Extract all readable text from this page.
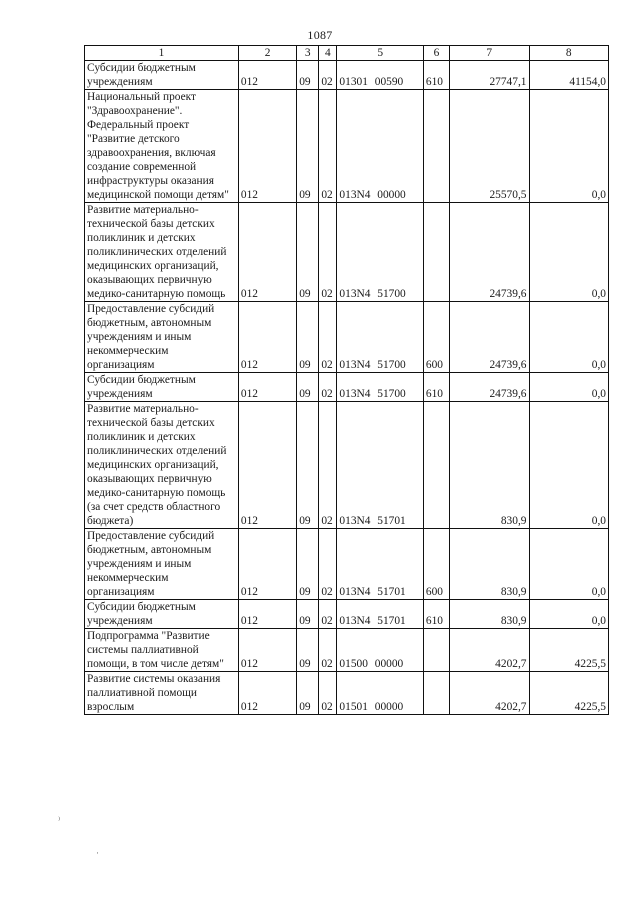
1087
1	2	3	4	5	6	7	8
Субсидии бюджетным учреждениям	012	09	02	01301 00590	610	27747,1	41154,0
Национальный проект "Здравоохранение". Федеральный проект "Развитие детского здравоохранения, включая создание современной инфраструктуры оказания медицинской помощи детям"	012	09	02	013N4 00000		25570,5	0,0
Развитие материально-технической базы детских поликлиник и детских поликлинических отделений медицинских организаций, оказывающих первичную медико-санитарную помощь	012	09	02	013N4 51700		24739,6	0,0
Предоставление субсидий бюджетным, автономным учреждениям и иным некоммерческим организациям	012	09	02	013N4 51700	600	24739,6	0,0
Субсидии бюджетным учреждениям	012	09	02	013N4 51700	610	24739,6	0,0
Развитие материально-технической базы детских поликлиник и детских поликлинических отделений медицинских организаций, оказывающих первичную медико-санитарную помощь (за счет средств областного бюджета)	012	09	02	013N4 51701		830,9	0,0
Предоставление субсидий бюджетным, автономным учреждениям и иным некоммерческим организациям	012	09	02	013N4 51701	600	830,9	0,0
Субсидии бюджетным учреждениям	012	09	02	013N4 51701	610	830,9	0,0
Подпрограмма "Развитие системы паллиативной помощи, в том числе детям"	012	09	02	01500 00000		4202,7	4225,5
Развитие системы оказания паллиативной помощи взрослым	012	09	02	01501 00000		4202,7	4225,5
⁾
·
